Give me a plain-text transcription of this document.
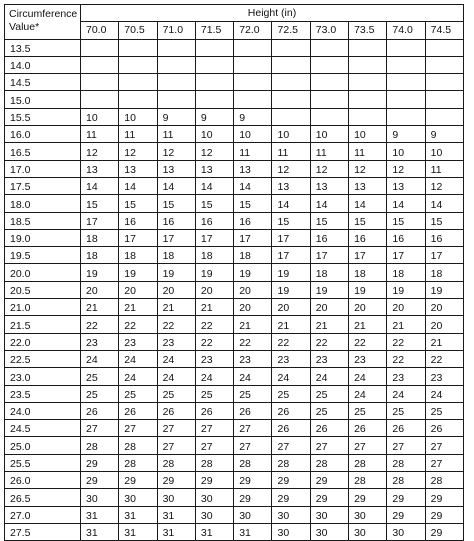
Circumference Value*	Height (in)									
	70.0	70.5	71.0	71.5	72.0	72.5	73.0	73.5	74.0	74.5
13.5										
14.0										
14.5										
15.0										
15.5	10	10	9	9	9					
16.0	11	11	11	10	10	10	10	10	9	9
16.5	12	12	12	12	11	11	11	11	10	10
17.0	13	13	13	13	13	12	12	12	12	11
17.5	14	14	14	14	14	13	13	13	13	12
18.0	15	15	15	15	15	14	14	14	14	14
18.5	17	16	16	16	16	15	15	15	15	15
19.0	18	17	17	17	17	17	16	16	16	16
19.5	18	18	18	18	18	17	17	17	17	17
20.0	19	19	19	19	19	19	18	18	18	18
20.5	20	20	20	20	20	19	19	19	19	19
21.0	21	21	21	21	20	20	20	20	20	20
21.5	22	22	22	22	21	21	21	21	21	20
22.0	23	23	23	22	22	22	22	22	22	21
22.5	24	24	24	23	23	23	23	23	22	22
23.0	25	24	24	24	24	24	24	24	23	23
23.5	25	25	25	25	25	25	25	24	24	24
24.0	26	26	26	26	26	26	25	25	25	25
24.5	27	27	27	27	27	26	26	26	26	26
25.0	28	28	27	27	27	27	27	27	27	27
25.5	29	28	28	28	28	28	28	28	28	27
26.0	29	29	29	29	29	29	29	28	28	28
26.5	30	30	30	30	29	29	29	29	29	29
27.0	31	31	31	30	30	30	30	30	29	29
27.5	31	31	31	31	31	30	30	30	30	29
